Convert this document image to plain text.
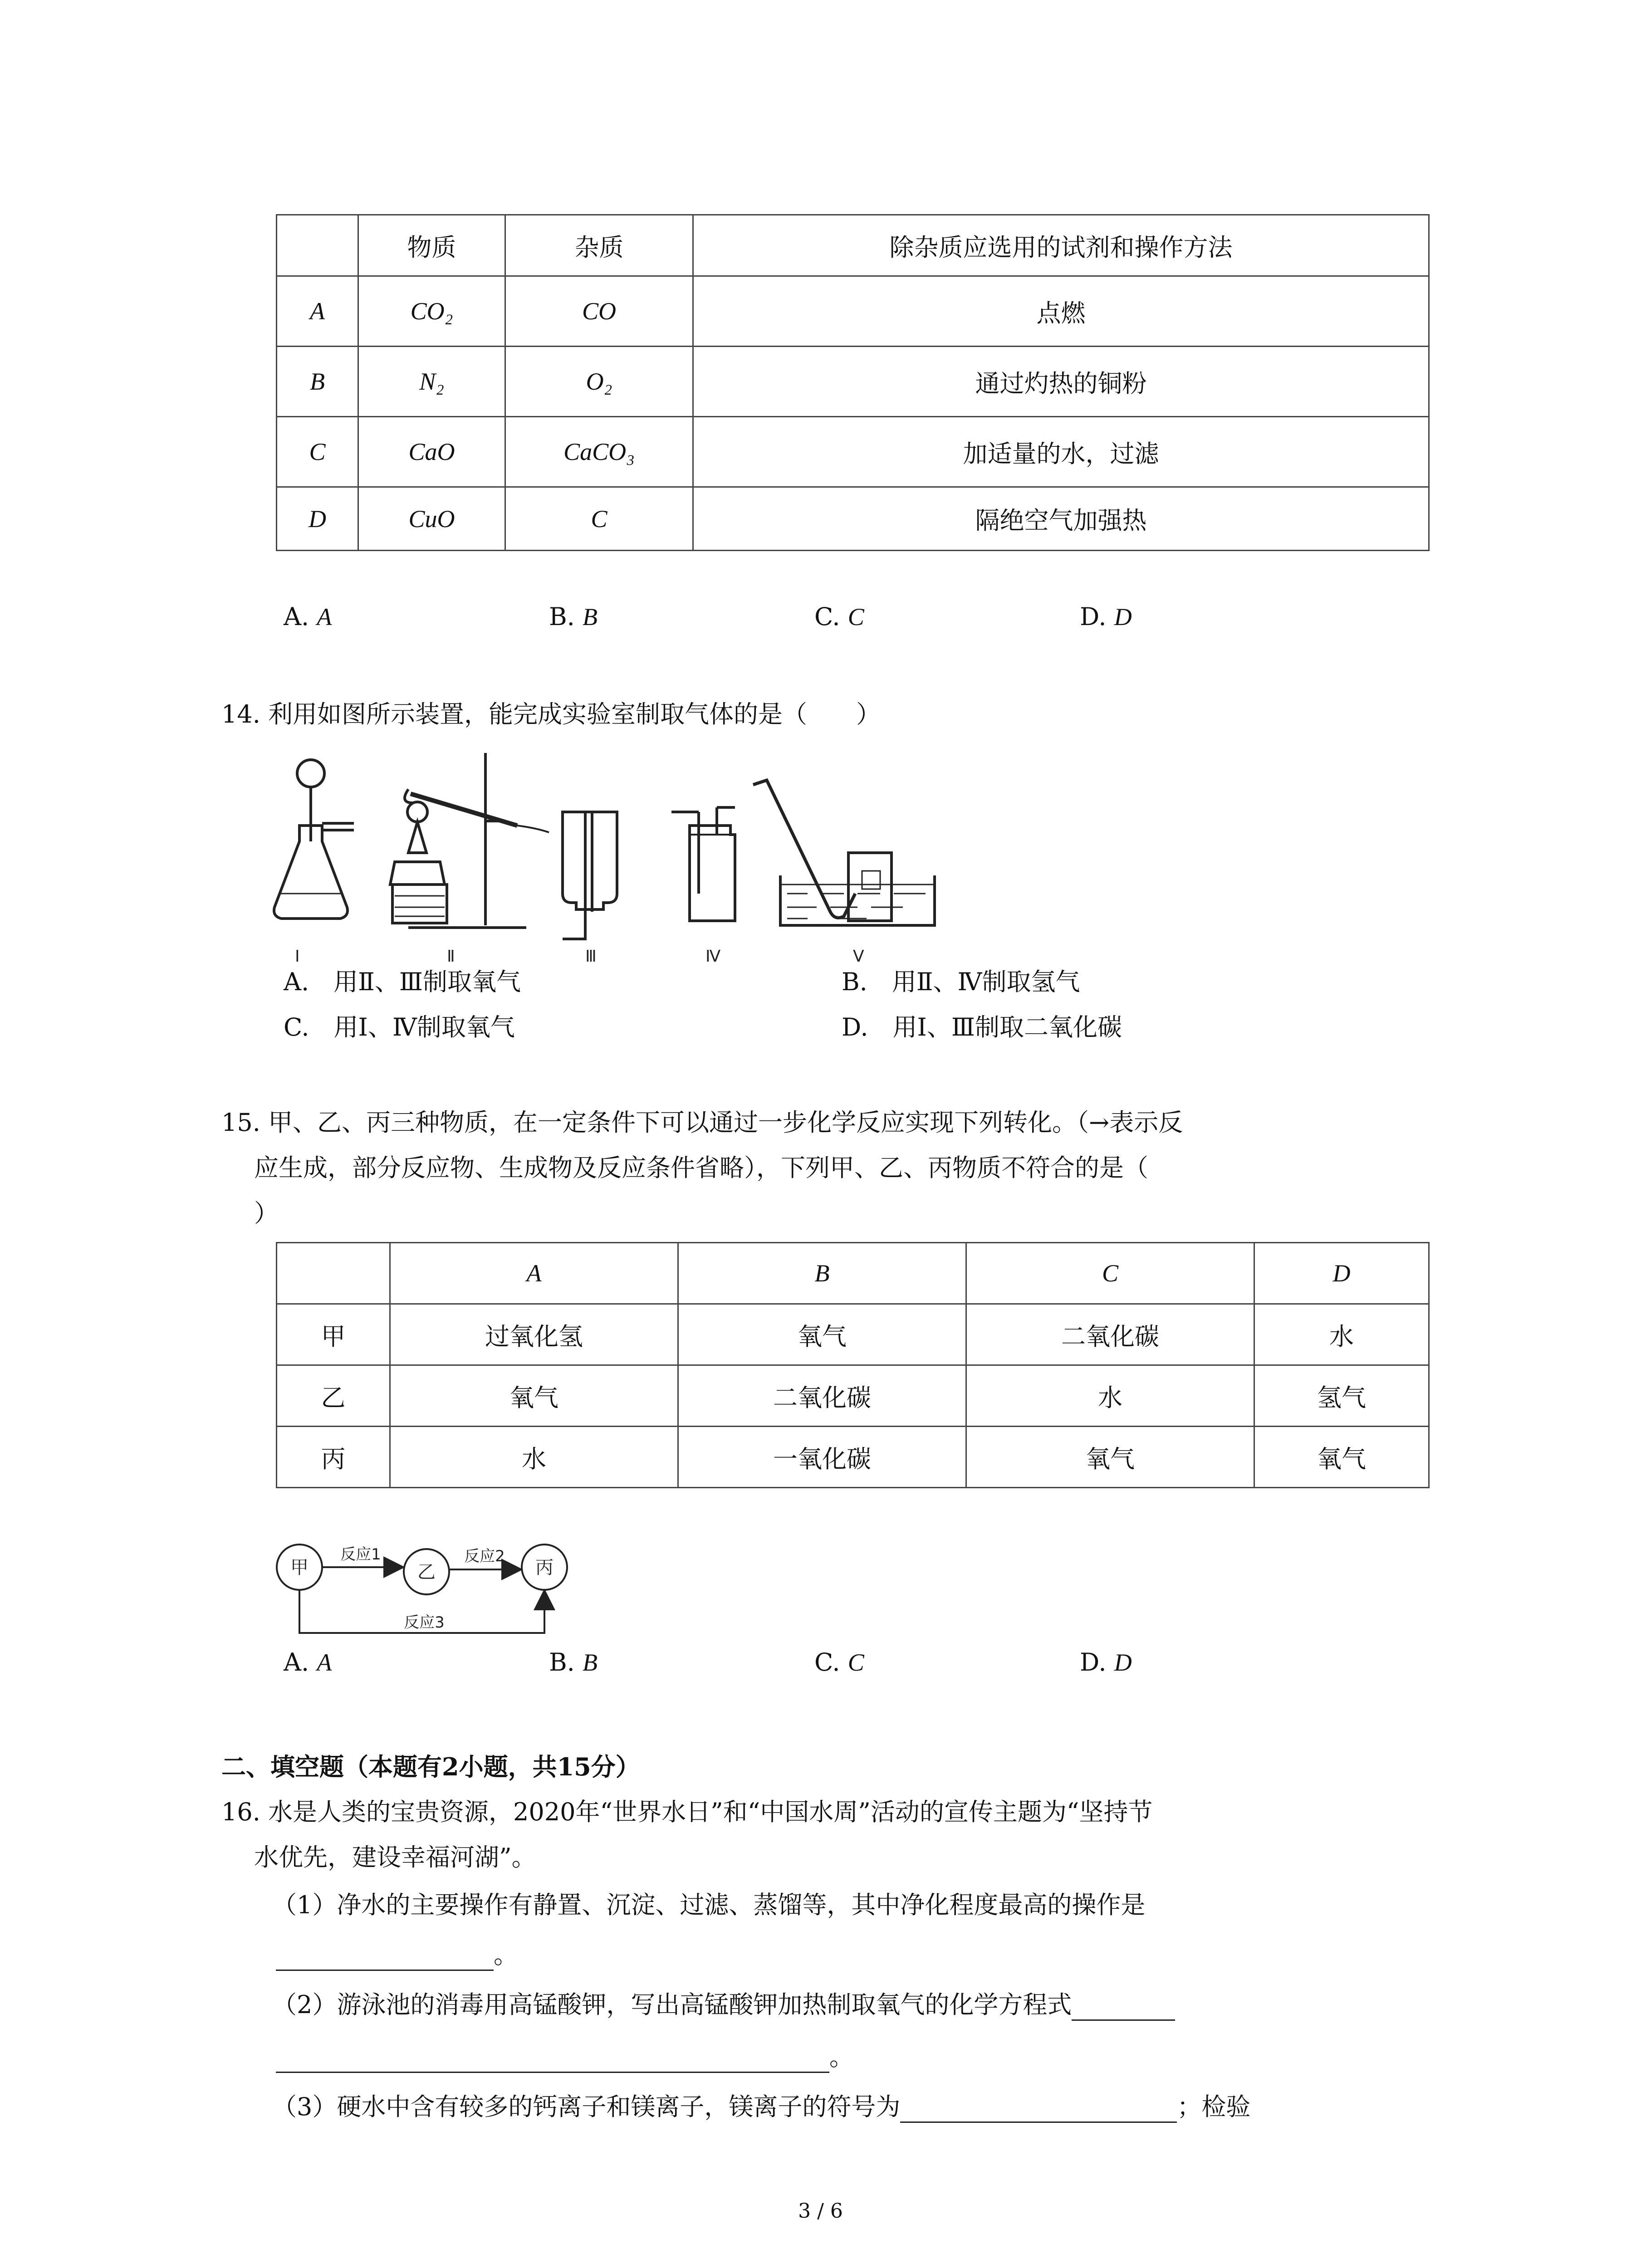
	物质	杂质	除杂质应选用的试剂和操作方法
A	CO₂	CO	点燃
B	N₂	O₂	通过灼热的铜粉
C	CaO	CaCO₃	加适量的水，过滤
D	CuO	C	隔绝空气加强热
A. A	B. B	C. C	D. D
14. 利用如图所示装置，能完成实验室制取气体的是（　　）
Ⅰ	Ⅱ	Ⅲ	Ⅳ	Ⅴ
A.　用Ⅱ、Ⅲ制取氧气	B.　用Ⅱ、Ⅳ制取氢气
C.　用Ⅰ、Ⅳ制取氧气	D.　用Ⅰ、Ⅲ制取二氧化碳
15. 甲、乙、丙三种物质，在一定条件下可以通过一步化学反应实现下列转化。（→表示反
应生成，部分反应物、生成物及反应条件省略），下列甲、乙、丙物质不符合的是（
）
	A	B	C	D
甲	过氧化氢	氧气	二氧化碳	水
乙	氧气	二氧化碳	水	氢气
丙	水	一氧化碳	氧气	氧气
甲	乙	丙
反应1	反应2
反应3
A. A	B. B	C. C	D. D
二、填空题（本题有2小题，共15分）
16. 水是人类的宝贵资源，2020年“世界水日”和“中国水周”活动的宣传主题为“坚持节
水优先，建设幸福河湖”。
（1）净水的主要操作有静置、沉淀、过滤、蒸馏等，其中净化程度最高的操作是
。
（2）游泳池的消毒用高锰酸钾，写出高锰酸钾加热制取氧气的化学方程式
。
（3）硬水中含有较多的钙离子和镁离子，镁离子的符号为	；检验
3 / 6
